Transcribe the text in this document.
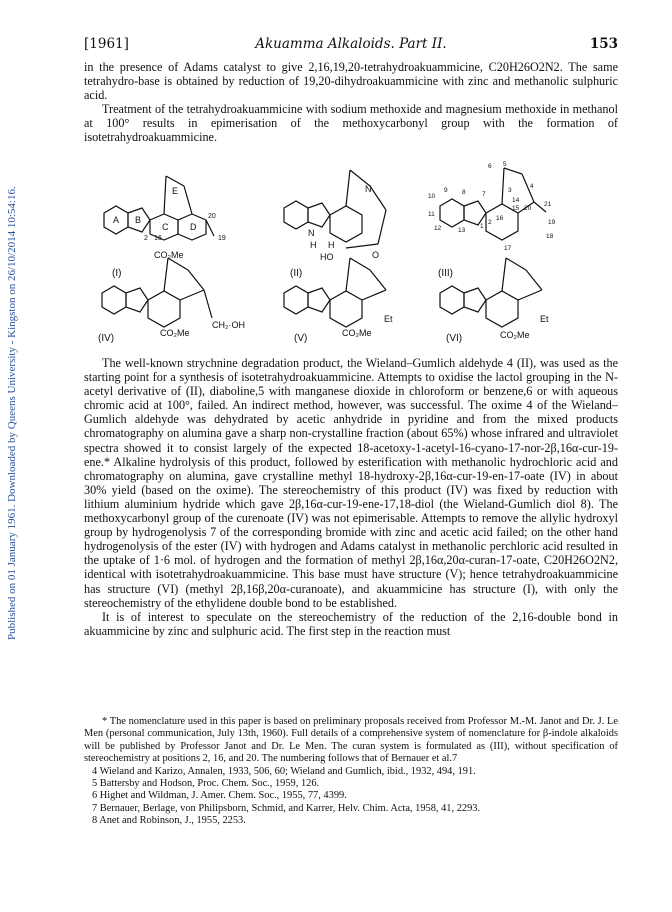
Published on 01 January 1961. Downloaded by Queens University - Kingston on 26/10/2014 10:54:16.
[1961]	Akuamma Alkaloids. Part II.	153

in the presence of Adams catalyst to give 2,16,19,20-tetrahydroakuammicine, C20H26O2N2. The same tetrahydro-base is obtained by reduction of 19,20-dihydroakuammicine with zinc and methanolic sulphuric acid.

Treatment of the tetrahydroakuammicine with sodium methoxide and magnesium methoxide in methanol at 100° results in epimerisation of the methoxycarbonyl group with the formation of isotetrahydroakuammicine.

A B
C D
E
2 16
20
19
CO₂Me
(I)
N
N
H H
HO	O
(II)
5
6
3
4
14
15 20
21
19
18
17
16
2
1
13
12
11
10
9 8	7
(III)
CO₂Me
CH₂·OH
(IV)	CO₂Me
Et
(V)	CO₂Me
Et
(VI)

The well-known strychnine degradation product, the Wieland–Gumlich aldehyde 4 (II), was used as the starting point for a synthesis of isotetrahydroakuammicine. Attempts to oxidise the lactol grouping in the N-acetyl derivative of (II), diaboline,5 with manganese dioxide in chloroform or benzene,6 or with aqueous chromic acid at 100°, failed. An indirect method, however, was successful. The oxime 4 of the Wieland–Gumlich aldehyde was dehydrated by acetic anhydride in pyridine and from the mixed products chromatography on alumina gave a sharp non-crystalline fraction (about 65%) whose infrared and ultraviolet spectra showed it to consist largely of the expected 18-acetoxy-1-acetyl-16-cyano-17-nor-2β,16α-cur-19-ene.* Alkaline hydrolysis of this product, followed by esterification with methanolic hydrochloric acid and chromatography on alumina, gave crystalline methyl 18-hydroxy-2β,16α-cur-19-en-17-oate (IV) in about 30% yield (based on the oxime). The stereochemistry of this product (IV) was fixed by reduction with lithium aluminium hydride which gave 2β,16α-cur-19-ene-17,18-diol (the Wieland-Gumlich diol 8). The methoxycarbonyl group of the curenoate (IV) was not epimerisable. Attempts to remove the allylic hydroxyl group by hydrogenolysis 7 of the corresponding bromide with zinc and acetic acid failed; on the other hand hydrogenolysis of the ester (IV) with hydrogen and Adams catalyst in methanolic perchloric acid resulted in the uptake of 1·6 mol. of hydrogen and the formation of methyl 2β,16α,20α-curan-17-oate, C20H26O2N2, identical with isotetrahydroakuammicine. This base must have structure (V); hence tetrahydroakuammicine has structure (VI) (methyl 2β,16β,20α-curanoate), and akuammicine has structure (I), with only the stereochemistry of the ethylidene double bond to be established.

It is of interest to speculate on the stereochemistry of the reduction of the 2,16-double bond in akuammicine by zinc and sulphuric acid. The first step in the reaction must

* The nomenclature used in this paper is based on preliminary proposals received from Professor M.-M. Janot and Dr. J. Le Men (personal communication, July 13th, 1960). Full details of a comprehensive system of nomenclature for β-indole alkaloids will be published by Professor Janot and Dr. Le Men. The curan system is formulated as (III), without specification of stereochemistry at positions 2, 16, and 20. The numbering follows that of Bernauer et al.7

4 Wieland and Karizo, Annalen, 1933, 506, 60; Wieland and Gumlich, ibid., 1932, 494, 191.

5 Battersby and Hodson, Proc. Chem. Soc., 1959, 126.

6 Highet and Wildman, J. Amer. Chem. Soc., 1955, 77, 4399.

7 Bernauer, Berlage, von Philipsborn, Schmid, and Karrer, Helv. Chim. Acta, 1958, 41, 2293.

8 Anet and Robinson, J., 1955, 2253.
